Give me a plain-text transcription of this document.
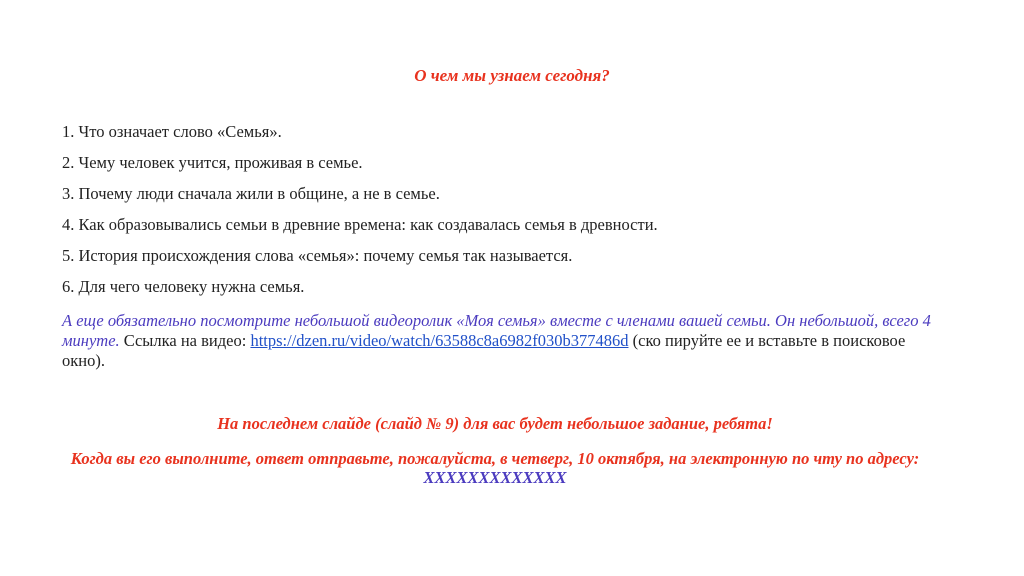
О чем мы узнаем сегодня?
1. Что означает слово «Семья».
2. Чему человек учится, проживая в семье.
3. Почему люди сначала жили в общине, а не в семье.
4. Как образовывались семьи в древние времена: как создавалась семья в древности.
5. История происхождения слова «семья»: почему семья так называется.
6. Для чего человеку нужна семья.
А еще обязательно посмотрите небольшой видеоролик «Моя семья» вместе с членами вашей семьи. Он небольшой, всего 4 минуте. Ссылка на видео: https://dzen.ru/video/watch/63588c8a6982f030b377486d (ско пируйте ее и вставьте в поисковое окно).
На последнем слайде (слайд № 9) для вас будет небольшое задание, ребята!
Когда вы его выполните, ответ отправьте, пожалуйста, в четверг, 10 октября, на электронную по чту по адресу: XXXXXXXXXXXXX
